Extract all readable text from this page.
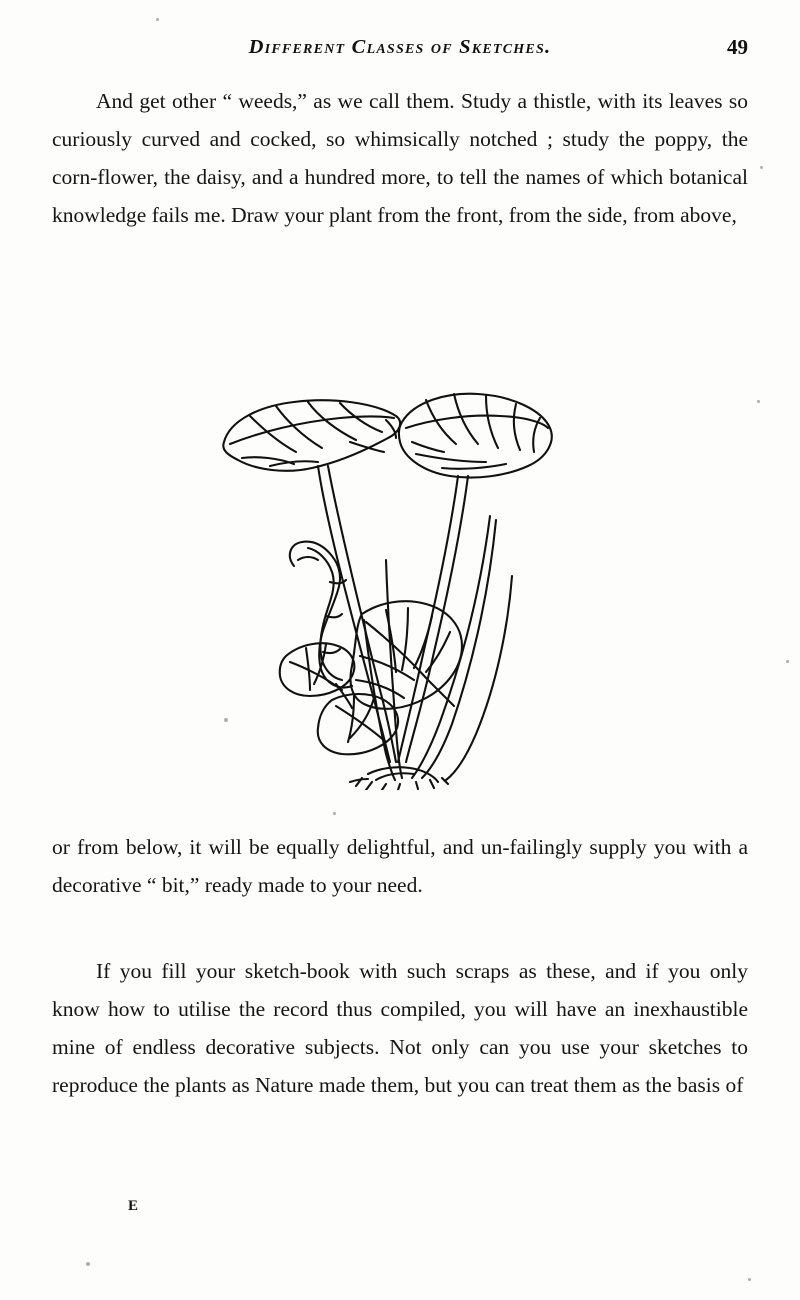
Different Classes of Sketches.	49

And get other “ weeds,” as we call them. Study a thistle, with its leaves so curiously curved and cocked, so whimsically notched ; study the poppy, the corn-flower, the daisy, and a hundred more, to tell the names of which botanical knowledge fails me. Draw your plant from the front, from the side, from above,

or from below, it will be equally delightful, and un-failingly supply you with a decorative “ bit,” ready made to your need.

If you fill your sketch-book with such scraps as these, and if you only know how to utilise the record thus compiled, you will have an inexhaustible mine of endless decorative subjects. Not only can you use your sketches to reproduce the plants as Nature made them, but you can treat them as the basis of

E
